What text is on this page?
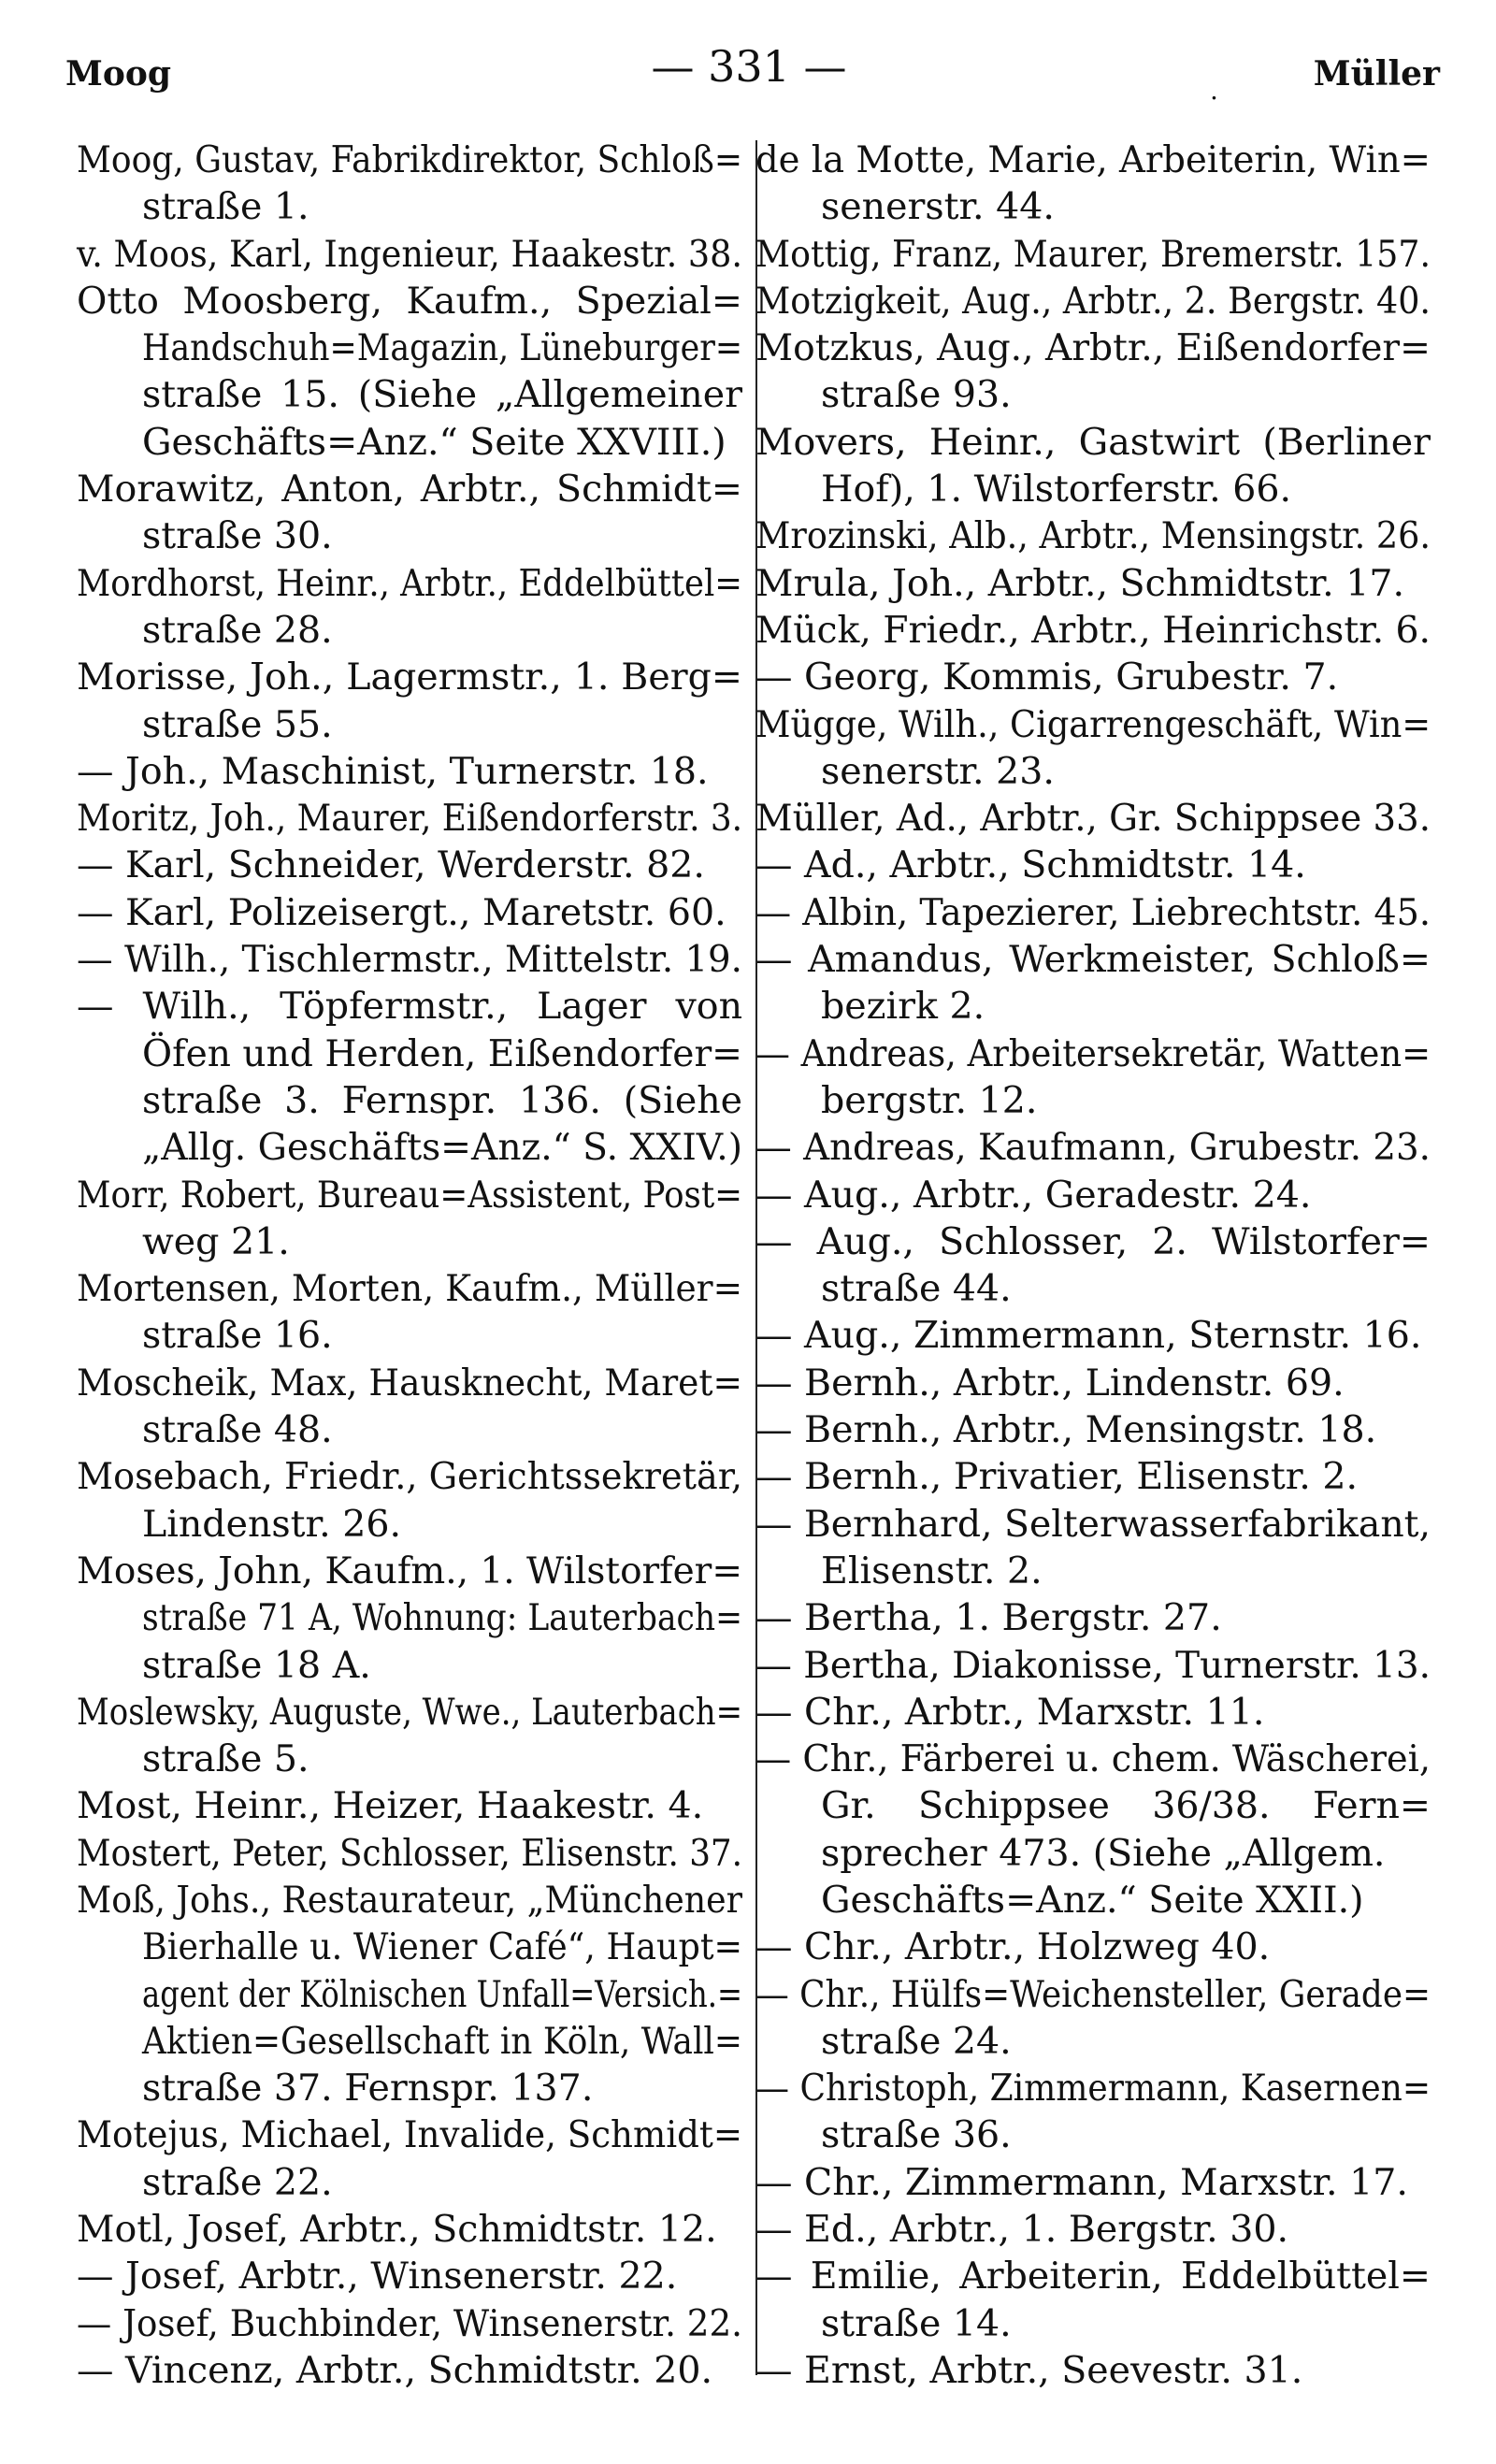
Moog	— 331 —	.	Müller
Moog, Gustav, Fabrikdirektor, Schloß=
straße 1.
v. Moos, Karl, Ingenieur, Haakestr. 38.
Otto Moosberg, Kaufm., Spezial=
Handschuh=Magazin, Lüneburger=
straße 15. (Siehe „Allgemeiner
Geschäfts=Anz.“ Seite XXVIII.)
Morawitz, Anton, Arbtr., Schmidt=
straße 30.
Mordhorst, Heinr., Arbtr., Eddelbüttel=
straße 28.
Morisse, Joh., Lagermstr., 1. Berg=
straße 55.
— Joh., Maschinist, Turnerstr. 18.
Moritz, Joh., Maurer, Eißendorferstr. 3.
— Karl, Schneider, Werderstr. 82.
— Karl, Polizeisergt., Maretstr. 60.
— Wilh., Tischlermstr., Mittelstr. 19.
— Wilh., Töpfermstr., Lager von
Öfen und Herden, Eißendorfer=
straße 3. Fernspr. 136. (Siehe
„Allg. Geschäfts=Anz.“ S. XXIV.)
Morr, Robert, Bureau=Assistent, Post=
weg 21.
Mortensen, Morten, Kaufm., Müller=
straße 16.
Moscheik, Max, Hausknecht, Maret=
straße 48.
Mosebach, Friedr., Gerichtssekretär,
Lindenstr. 26.
Moses, John, Kaufm., 1. Wilstorfer=
straße 71 A, Wohnung: Lauterbach=
straße 18 A.
Moslewsky, Auguste, Wwe., Lauterbach=
straße 5.
Most, Heinr., Heizer, Haakestr. 4.
Mostert, Peter, Schlosser, Elisenstr. 37.
Moß, Johs., Restaurateur, „Münchener
Bierhalle u. Wiener Café“, Haupt=
agent der Kölnischen Unfall=Versich.=
Aktien=Gesellschaft in Köln, Wall=
straße 37. Fernspr. 137.
Motejus, Michael, Invalide, Schmidt=
straße 22.
Motl, Josef, Arbtr., Schmidtstr. 12.
— Josef, Arbtr., Winsenerstr. 22.
— Josef, Buchbinder, Winsenerstr. 22.
— Vincenz, Arbtr., Schmidtstr. 20.
de la Motte, Marie, Arbeiterin, Win=
senerstr. 44.
Mottig, Franz, Maurer, Bremerstr. 157.
Motzigkeit, Aug., Arbtr., 2. Bergstr. 40.
Motzkus, Aug., Arbtr., Eißendorfer=
straße 93.
Movers, Heinr., Gastwirt (Berliner
Hof), 1. Wilstorferstr. 66.
Mrozinski, Alb., Arbtr., Mensingstr. 26.
Mrula, Joh., Arbtr., Schmidtstr. 17.
Mück, Friedr., Arbtr., Heinrichstr. 6.
— Georg, Kommis, Grubestr. 7.
Mügge, Wilh., Cigarrengeschäft, Win=
senerstr. 23.
Müller, Ad., Arbtr., Gr. Schippsee 33.
— Ad., Arbtr., Schmidtstr. 14.
— Albin, Tapezierer, Liebrechtstr. 45.
— Amandus, Werkmeister, Schloß=
bezirk 2.
— Andreas, Arbeitersekretär, Watten=
bergstr. 12.
— Andreas, Kaufmann, Grubestr. 23.
— Aug., Arbtr., Geradestr. 24.
— Aug., Schlosser, 2. Wilstorfer=
straße 44.
— Aug., Zimmermann, Sternstr. 16.
— Bernh., Arbtr., Lindenstr. 69.
— Bernh., Arbtr., Mensingstr. 18.
— Bernh., Privatier, Elisenstr. 2.
— Bernhard, Selterwasserfabrikant,
Elisenstr. 2.
— Bertha, 1. Bergstr. 27.
— Bertha, Diakonisse, Turnerstr. 13.
— Chr., Arbtr., Marxstr. 11.
— Chr., Färberei u. chem. Wäscherei,
Gr. Schippsee 36/38. Fern=
sprecher 473. (Siehe „Allgem.
Geschäfts=Anz.“ Seite XXII.)
— Chr., Arbtr., Holzweg 40.
— Chr., Hülfs=Weichensteller, Gerade=
straße 24.
— Christoph, Zimmermann, Kasernen=
straße 36.
— Chr., Zimmermann, Marxstr. 17.
— Ed., Arbtr., 1. Bergstr. 30.
— Emilie, Arbeiterin, Eddelbüttel=
straße 14.
— Ernst, Arbtr., Seevestr. 31.
